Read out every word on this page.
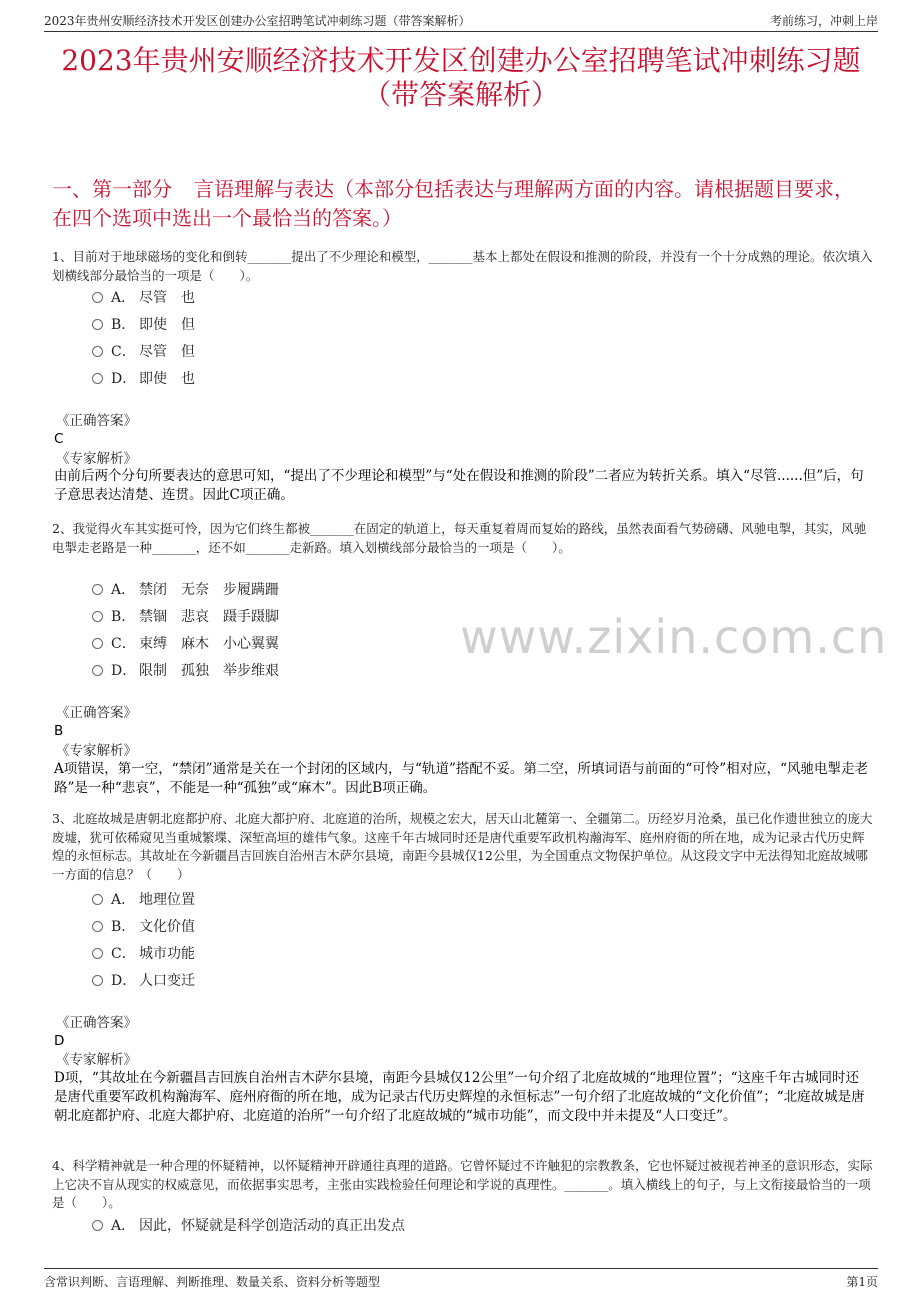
2023年贵州安顺经济技术开发区创建办公室招聘笔试冲刺练习题（带答案解析）	考前练习，冲刺上岸
2023年贵州安顺经济技术开发区创建办公室招聘笔试冲刺练习题（带答案解析）
一、第一部分 言语理解与表达（本部分包括表达与理解两方面的内容。请根据题目要求，在四个选项中选出一个最恰当的答案。）
1、目前对于地球磁场的变化和倒转_______提出了不少理论和模型，_______基本上都处在假设和推测的阶段，并没有一个十分成熟的理论。依次填入划横线部分最恰当的一项是（　　）。
A． 尽管　也
B． 即使　但
C． 尽管　但
D． 即使　也
《正确答案》
C
《专家解析》
由前后两个分句所要表达的意思可知，“提出了不少理论和模型”与“处在假设和推测的阶段”二者应为转折关系。填入“尽管......但”后，句子意思表达清楚、连贯。因此C项正确。
2、我觉得火车其实挺可怜，因为它们终生都被_______在固定的轨道上，每天重复着周而复始的路线，虽然表面看气势磅礴、风驰电掣，其实，风驰电掣走老路是一种_______，还不如_______走新路。填入划横线部分最恰当的一项是（　　）。
A． 禁闭　无奈　步履蹒跚
B． 禁锢　悲哀　蹑手蹑脚
C． 束缚　麻木　小心翼翼
D． 限制　孤独　举步维艰
《正确答案》
B
《专家解析》
A项错误，第一空，“禁闭”通常是关在一个封闭的区域内，与“轨道”搭配不妥。第二空，所填词语与前面的“可怜”相对应，“风驰电掣走老路”是一种“悲哀”，不能是一种“孤独”或“麻木”。因此B项正确。
3、北庭故城是唐朝北庭都护府、北庭大都护府、北庭道的治所，规模之宏大，居天山北麓第一、全疆第二。历经岁月沧桑，虽已化作遗世独立的庞大废墟，犹可依稀窥见当重城繁堞、深堑高垣的雄伟气象。这座千年古城同时还是唐代重要军政机构瀚海军、庭州府衙的所在地，成为记录古代历史辉煌的永恒标志。其故址在今新疆昌吉回族自治州吉木萨尔县境，南距今县城仅12公里，为全国重点文物保护单位。从这段文字中无法得知北庭故城哪一方面的信息？（　　）
A． 地理位置
B． 文化价值
C． 城市功能
D． 人口变迁
《正确答案》
D
《专家解析》
D项，“其故址在今新疆昌吉回族自治州吉木萨尔县境，南距今县城仅12公里”一句介绍了北庭故城的“地理位置”；“这座千年古城同时还是唐代重要军政机构瀚海军、庭州府衙的所在地，成为记录古代历史辉煌的永恒标志”一句介绍了北庭故城的“文化价值”；“北庭故城是唐朝北庭都护府、北庭大都护府、北庭道的治所”一句介绍了北庭故城的“城市功能”，而文段中并未提及“人口变迁”。
4、科学精神就是一种合理的怀疑精神，以怀疑精神开辟通往真理的道路。它曾怀疑过不许触犯的宗教教条，它也怀疑过被视若神圣的意识形态，实际上它决不盲从现实的权威意见，而依据事实思考，主张由实践检验任何理论和学说的真理性。_______。填入横线上的句子，与上文衔接最恰当的一项是（　　）。
A． 因此，怀疑就是科学创造活动的真正出发点
www.zixin.com.cn
含常识判断、言语理解、判断推理、数量关系、资料分析等题型	第1页
